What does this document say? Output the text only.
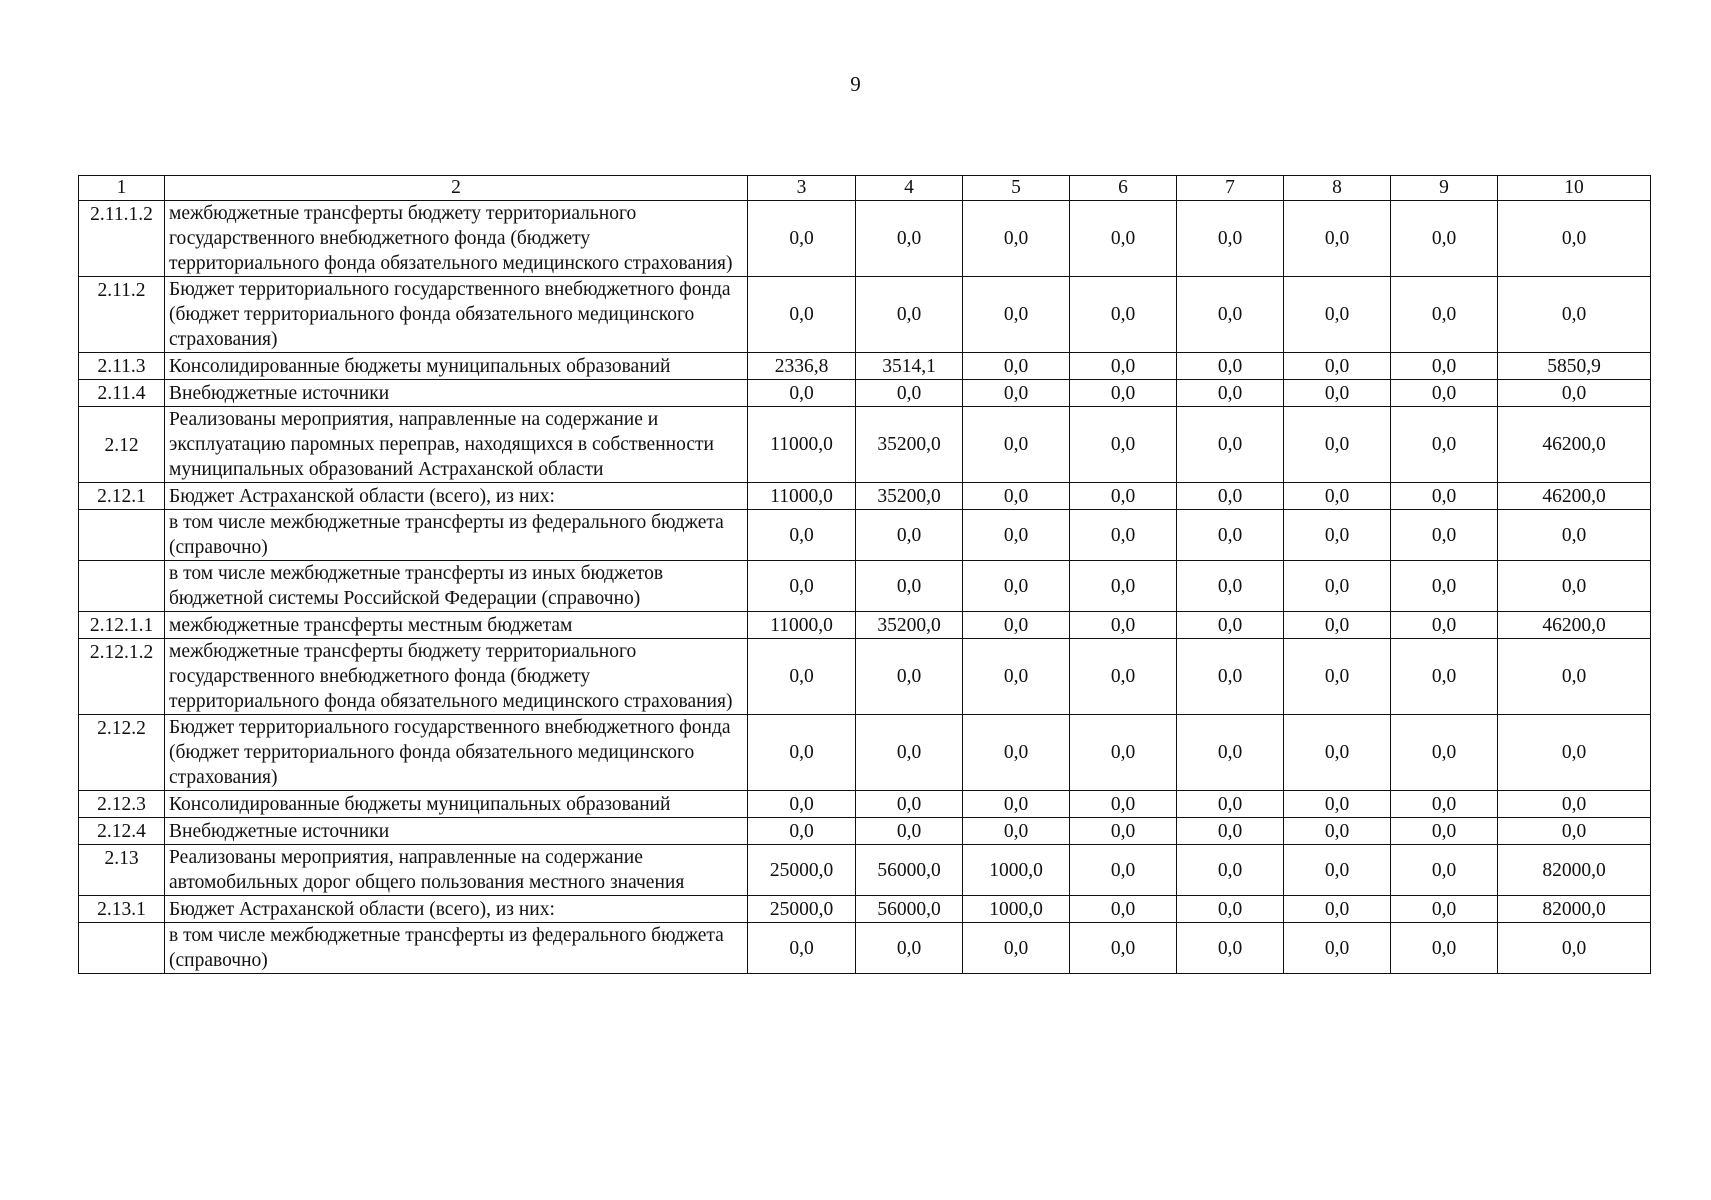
9
1	2	3	4	5	6	7	8	9	10
2.11.1.2	межбюджетные трансферты бюджету территориального государственного внебюджетного фонда (бюджету территориального фонда обязательного медицинского страхования)	0,0	0,0	0,0	0,0	0,0	0,0	0,0	0,0
2.11.2	Бюджет территориального государственного внебюджетного фонда (бюджет территориального фонда обязательного медицинского страхования)	0,0	0,0	0,0	0,0	0,0	0,0	0,0	0,0
2.11.3	Консолидированные бюджеты муниципальных образований	2336,8	3514,1	0,0	0,0	0,0	0,0	0,0	5850,9
2.11.4	Внебюджетные источники	0,0	0,0	0,0	0,0	0,0	0,0	0,0	0,0
2.12	Реализованы мероприятия, направленные на содержание и эксплуатацию паромных переправ, находящихся в собственности муниципальных образований Астраханской области	11000,0	35200,0	0,0	0,0	0,0	0,0	0,0	46200,0
2.12.1	Бюджет Астраханской области (всего), из них:	11000,0	35200,0	0,0	0,0	0,0	0,0	0,0	46200,0
	в том числе межбюджетные трансферты из федерального бюджета (справочно)	0,0	0,0	0,0	0,0	0,0	0,0	0,0	0,0
	в том числе межбюджетные трансферты из иных бюджетов бюджетной системы Российской Федерации (справочно)	0,0	0,0	0,0	0,0	0,0	0,0	0,0	0,0
2.12.1.1	межбюджетные трансферты местным бюджетам	11000,0	35200,0	0,0	0,0	0,0	0,0	0,0	46200,0
2.12.1.2	межбюджетные трансферты бюджету территориального государственного внебюджетного фонда (бюджету территориального фонда обязательного медицинского страхования)	0,0	0,0	0,0	0,0	0,0	0,0	0,0	0,0
2.12.2	Бюджет территориального государственного внебюджетного фонда (бюджет территориального фонда обязательного медицинского страхования)	0,0	0,0	0,0	0,0	0,0	0,0	0,0	0,0
2.12.3	Консолидированные бюджеты муниципальных образований	0,0	0,0	0,0	0,0	0,0	0,0	0,0	0,0
2.12.4	Внебюджетные источники	0,0	0,0	0,0	0,0	0,0	0,0	0,0	0,0
2.13	Реализованы мероприятия, направленные на содержание автомобильных дорог общего пользования местного значения	25000,0	56000,0	1000,0	0,0	0,0	0,0	0,0	82000,0
2.13.1	Бюджет Астраханской области (всего), из них:	25000,0	56000,0	1000,0	0,0	0,0	0,0	0,0	82000,0
	в том числе межбюджетные трансферты из федерального бюджета (справочно)	0,0	0,0	0,0	0,0	0,0	0,0	0,0	0,0
